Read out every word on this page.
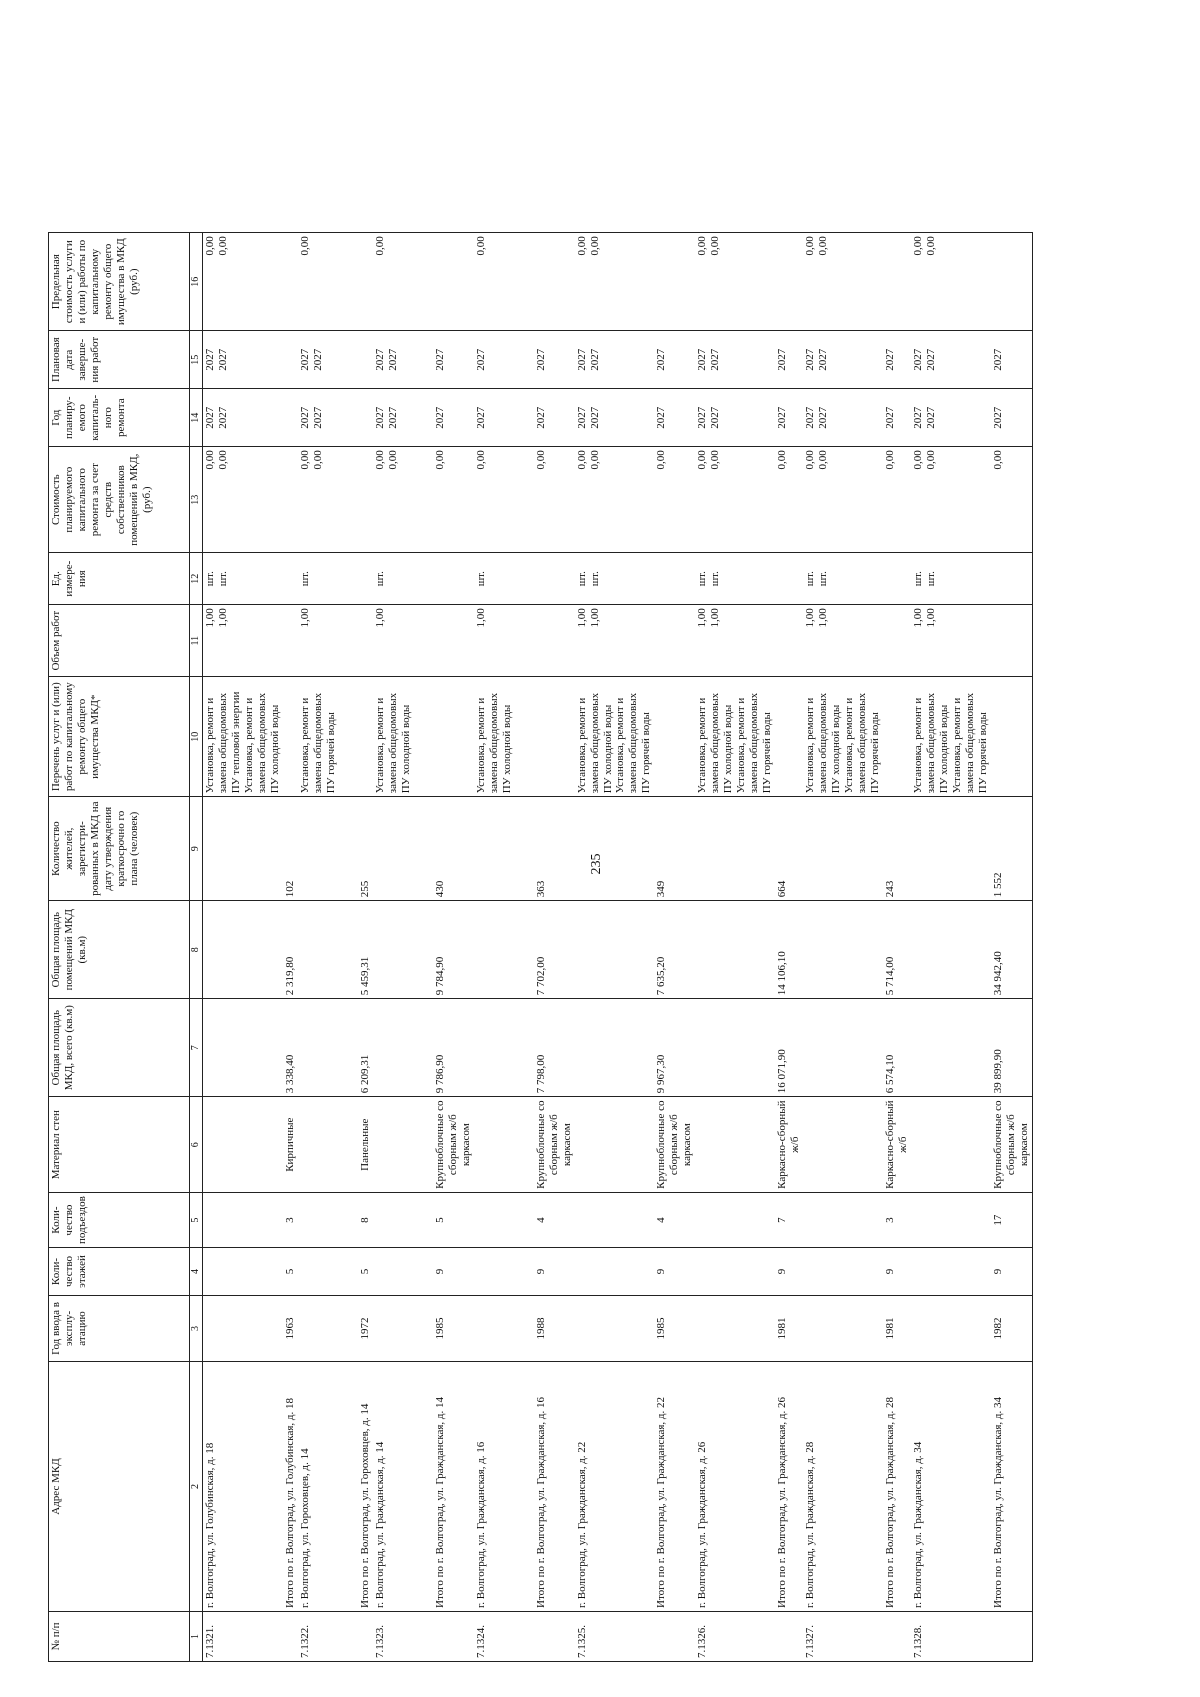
235
№ п/п	Адрес МКД	Год ввода в эксплу- атацию	Коли- чество этажей	Коли- чество подъездов	Материал стен	Общая площадь МКД, всего (кв.м)	Общая площадь помещений МКД (кв.м)	Количество жителей, зарегистри- рованных в МКД на дату утверждения краткосрочно го плана (человек)	Перечень услуг и (или) работ по капитальному ремонту общего имущества МКД*	Объем работ	Ед. измере- ния	Стоимость планируемого капитального ремонта за счет средств собственников помещений в МКД, (руб.)	Год планиру- емого капиталь- ного ремонта	Плановая дата заверше- ния работ	Предельная стоимость услуги и (или) работы по капитальному ремонту общего имущества в МКД (руб.)
1	2	3	4	5	6	7	8	9	10	11	12	13	14	15	16
7.1321.	г. Волгоград, ул. Голубинская, д. 18								Установка, ремонт и замена общедомовых ПУ тепловой энергии Установка, ремонт и замена общедомовых ПУ холодной воды	1,00 1,00	шт. шт.	0,00 0,00	2027 2027	2027 2027	0,00 0,00

	Итого по г. Волгоград, ул. Голубинская, д. 18	1963	5	3	Кирпичные	3 338,40	2 319,80	102							
7.1322.	г. Волгоград, ул. Гороховцев, д. 14								Установка, ремонт и замена общедомовых ПУ горячей воды	1,00	шт.	0,00 0,00	2027 2027	2027 2027	0,00

	Итого по г. Волгоград, ул. Гороховцев, д. 14	1972	5	8	Панельные	6 209,31	5 459,31	255							
7.1323.	г. Волгоград, ул. Гражданская, д. 14								Установка, ремонт и замена общедомовых ПУ холодной воды	1,00	шт.	0,00 0,00	2027 2027	2027 2027	0,00

	Итого по г. Волгоград, ул. Гражданская, д. 14	1985	9	5	Крупноблочные со сборным ж/б каркасом	9 786,90	9 784,90	430				0,00	2027	2027	
7.1324.	г. Волгоград, ул. Гражданская, д. 16								Установка, ремонт и замена общедомовых ПУ холодной воды	1,00	шт.	0,00	2027	2027	0,00

	Итого по г. Волгоград, ул. Гражданская, д. 16	1988	9	4	Крупноблочные со сборным ж/б каркасом	7 798,00	7 702,00	363				0,00	2027	2027	
7.1325.	г. Волгоград, ул. Гражданская, д. 22								Установка, ремонт и замена общедомовых ПУ холодной воды Установка, ремонт и замена общедомовых ПУ горячей воды	1,00 1,00	шт. шт.	0,00 0,00	2027 2027	2027 2027	0,00 0,00

	Итого по г. Волгоград, ул. Гражданская, д. 22	1985	9	4	Крупноблочные со сборным ж/б каркасом	9 967,30	7 635,20	349				0,00	2027	2027	
7.1326.	г. Волгоград, ул. Гражданская, д. 26								Установка, ремонт и замена общедомовых ПУ холодной воды Установка, ремонт и замена общедомовых ПУ горячей воды	1,00 1,00	шт. шт.	0,00 0,00	2027 2027	2027 2027	0,00 0,00

	Итого по г. Волгоград, ул. Гражданская, д. 26	1981	9	7	Каркасно-сборный ж/б	16 071,90	14 106,10	664				0,00	2027	2027	
7.1327.	г. Волгоград, ул. Гражданская, д. 28								Установка, ремонт и замена общедомовых ПУ холодной воды Установка, ремонт и замена общедомовых ПУ горячей воды	1,00 1,00	шт. шт.	0,00 0,00	2027 2027	2027 2027	0,00 0,00

	Итого по г. Волгоград, ул. Гражданская, д. 28	1981	9	3	Каркасно-сборный ж/б	6 574,10	5 714,00	243				0,00	2027	2027	
7.1328.	г. Волгоград, ул. Гражданская, д. 34								Установка, ремонт и замена общедомовых ПУ холодной воды Установка, ремонт и замена общедомовых ПУ горячей воды	1,00 1,00	шт. шт.	0,00 0,00	2027 2027	2027 2027	0,00 0,00

	Итого по г. Волгоград, ул. Гражданская, д. 34	1982	9	17	Крупноблочные со сборным ж/б каркасом	39 899,90	34 942,40	1 552				0,00	2027	2027	
